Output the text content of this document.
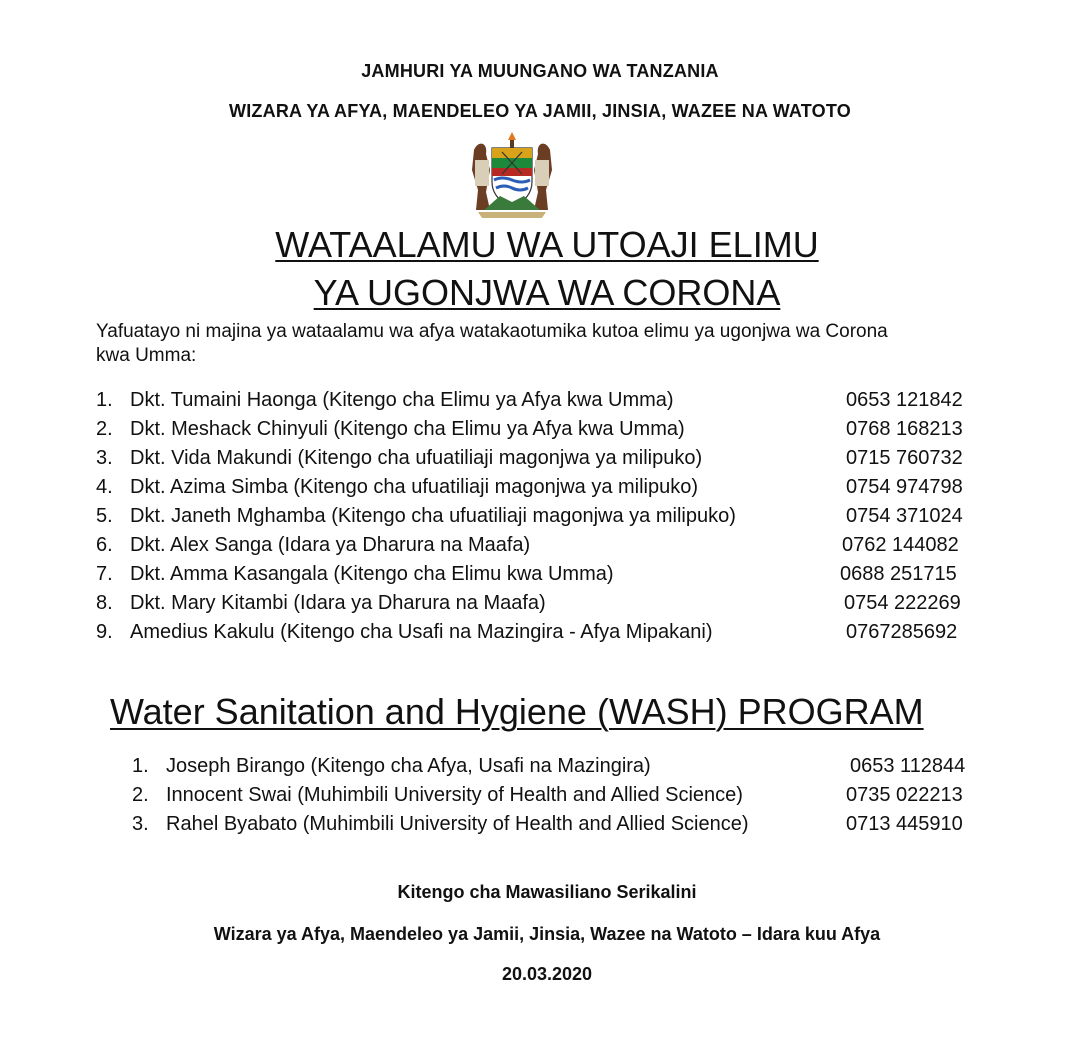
JAMHURI YA MUUNGANO WA TANZANIA
WIZARA YA AFYA, MAENDELEO YA JAMII, JINSIA, WAZEE NA WATOTO
WATAALAMU WA UTOAJI ELIMU
YA UGONJWA WA CORONA
Yafuatayo ni majina ya wataalamu wa afya watakaotumika kutoa elimu ya ugonjwa wa Corona
kwa Umma:
1. Dkt. Tumaini Haonga (Kitengo cha Elimu ya Afya kwa Umma)	0653 121842
2. Dkt. Meshack Chinyuli (Kitengo cha Elimu ya Afya kwa Umma)	0768 168213
3. Dkt. Vida Makundi (Kitengo cha ufuatiliaji magonjwa ya milipuko)	0715 760732
4. Dkt. Azima Simba (Kitengo cha ufuatiliaji magonjwa ya milipuko)	0754 974798
5. Dkt. Janeth Mghamba (Kitengo cha ufuatiliaji magonjwa ya milipuko)	0754 371024
6. Dkt. Alex Sanga (Idara ya Dharura na Maafa)	0762 144082
7. Dkt. Amma Kasangala (Kitengo cha Elimu kwa Umma)	0688 251715
8. Dkt. Mary Kitambi (Idara ya Dharura na Maafa)	0754 222269
9. Amedius Kakulu (Kitengo cha Usafi na Mazingira - Afya Mipakani)	0767285692
Water Sanitation and Hygiene (WASH) PROGRAM
1. Joseph Birango (Kitengo cha Afya, Usafi na Mazingira)	0653 112844
2. Innocent Swai (Muhimbili University of Health and Allied Science)	0735 022213
3. Rahel Byabato (Muhimbili University of Health and Allied Science)	0713 445910
Kitengo cha Mawasiliano Serikalini
Wizara ya Afya, Maendeleo ya Jamii, Jinsia, Wazee na Watoto – Idara kuu Afya
20.03.2020
